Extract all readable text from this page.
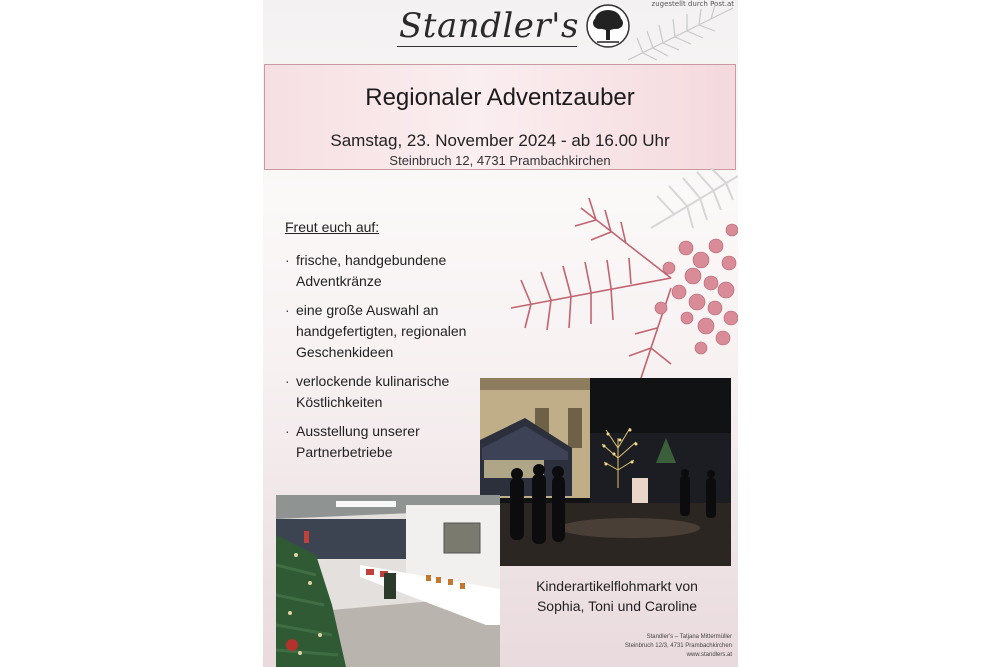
zugestellt durch Post.at
Standler's
Regionaler Adventzauber
Samstag, 23. November 2024 - ab 16.00 Uhr
Steinbruch 12, 4731 Prambachkirchen
Freut euch auf:
· frische, handgebundene
Adventkränze
· eine große Auswahl an
handgefertigten, regionalen
Geschenkideen
· verlockende kulinarische
Köstlichkeiten
· Ausstellung unserer
Partnerbetriebe
Kinderartikelflohmarkt von
Sophia, Toni und Caroline
Standler's – Tatjana Mittermüller
Steinbruch 12/3, 4731 Prambachkirchen
www.standlers.at
